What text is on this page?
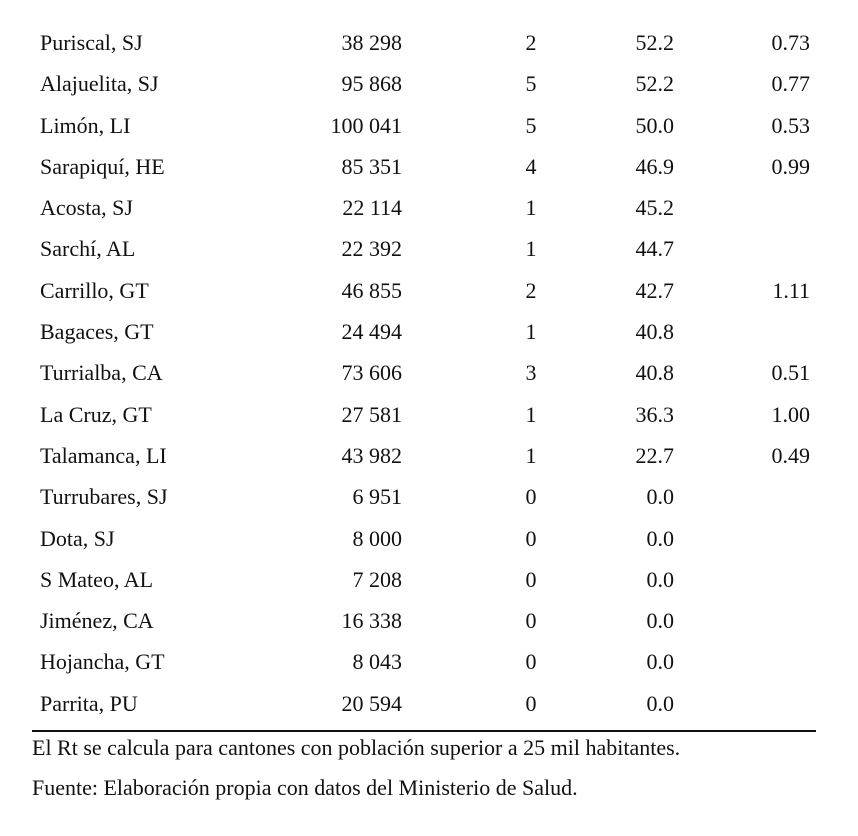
Puriscal, SJ	38 298	2	52.2	0.73
Alajuelita, SJ	95 868	5	52.2	0.77
Limón, LI	100 041	5	50.0	0.53
Sarapiquí, HE	85 351	4	46.9	0.99
Acosta, SJ	22 114	1	45.2
Sarchí, AL	22 392	1	44.7
Carrillo, GT	46 855	2	42.7	1.11
Bagaces, GT	24 494	1	40.8
Turrialba, CA	73 606	3	40.8	0.51
La Cruz, GT	27 581	1	36.3	1.00
Talamanca, LI	43 982	1	22.7	0.49
Turrubares, SJ	6 951	0	0.0
Dota, SJ	8 000	0	0.0
S Mateo, AL	7 208	0	0.0
Jiménez, CA	16 338	0	0.0
Hojancha, GT	8 043	0	0.0
Parrita, PU	20 594	0	0.0
El Rt se calcula para cantones con población superior a 25 mil habitantes.
Fuente: Elaboración propia con datos del Ministerio de Salud.
